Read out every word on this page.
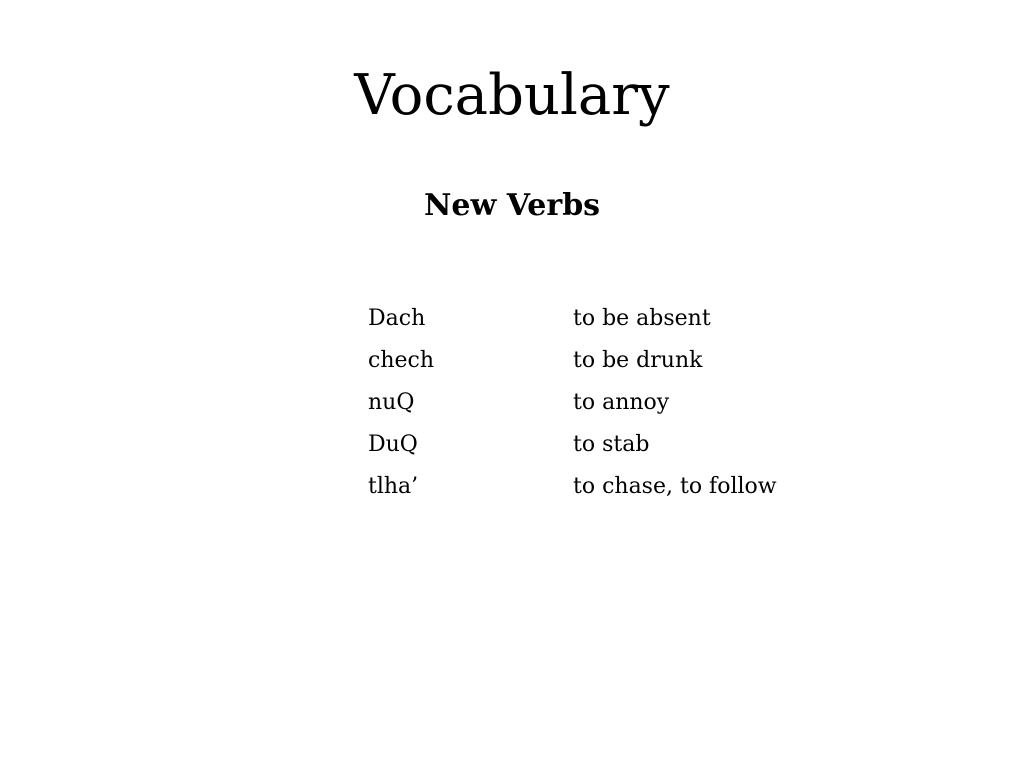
Vocabulary
New Verbs
Dach	to be absent
chech	to be drunk
nuQ	to annoy
DuQ	to stab
tlha’	to chase, to follow
